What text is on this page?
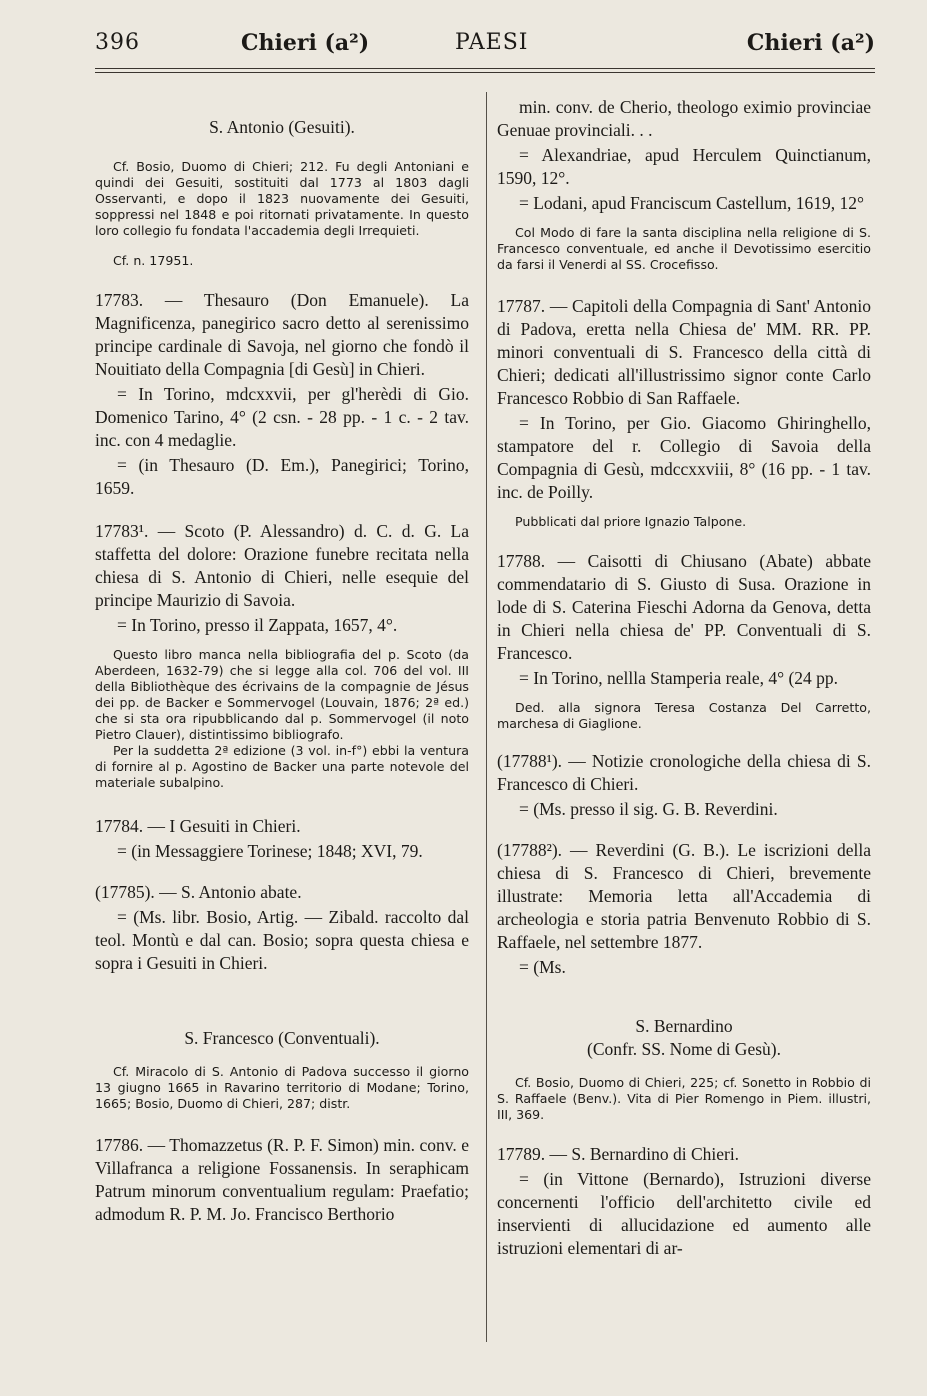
396	Chieri (a²)	PAESI	Chieri (a²)

S. Antonio (Gesuiti).

Cf. Bosio, Duomo di Chieri; 212. Fu degli Antoniani e quindi dei Gesuiti, sostituiti dal 1773 al 1803 dagli Osservanti, e dopo il 1823 nuovamente dei Gesuiti, soppressi nel 1848 e poi ritornati privatamente. In questo loro collegio fu fondata l'accademia degli Irrequieti.

Cf. n. 17951.

17783. — Thesauro (Don Emanuele). La Magnificenza, panegirico sacro detto al serenissimo principe cardinale di Savoja, nel giorno che fondò il Nouitiato della Compagnia [di Gesù] in Chieri.

= In Torino, mdcxxvii, per gl'herèdi di Gio. Domenico Tarino, 4° (2 csn. - 28 pp. - 1 c. - 2 tav. inc. con 4 medaglie.

= (in Thesauro (D. Em.), Panegirici; Torino, 1659.

17783¹. — Scoto (P. Alessandro) d. C. d. G. La staffetta del dolore: Orazione funebre recitata nella chiesa di S. Antonio di Chieri, nelle esequie del principe Maurizio di Savoia.

= In Torino, presso il Zappata, 1657, 4°.

Questo libro manca nella bibliografia del p. Scoto (da Aberdeen, 1632-79) che si legge alla col. 706 del vol. III della Bibliothèque des écrivains de la compagnie de Jésus dei pp. de Backer e Sommervogel (Louvain, 1876; 2ª ed.) che si sta ora ripubblicando dal p. Sommervogel (il noto Pietro Clauer), distintissimo bibliografo.

Per la suddetta 2ª edizione (3 vol. in-f°) ebbi la ventura di fornire al p. Agostino de Backer una parte notevole del materiale subalpino.

17784. — I Gesuiti in Chieri.

= (in Messaggiere Torinese; 1848; XVI, 79.

(17785). — S. Antonio abate.

= (Ms. libr. Bosio, Artig. — Zibald. raccolto dal teol. Montù e dal can. Bosio; sopra questa chiesa e sopra i Gesuiti in Chieri.

S. Francesco (Conventuali).

Cf. Miracolo di S. Antonio di Padova successo il giorno 13 giugno 1665 in Ravarino territorio di Modane; Torino, 1665; Bosio, Duomo di Chieri, 287; distr.

17786. — Thomazzetus (R. P. F. Simon) min. conv. e Villafranca a religione Fossanensis. In seraphicam Patrum minorum conventualium regulam: Praefatio; admodum R. P. M. Jo. Francisco Berthorio

min. conv. de Cherio, theologo eximio provinciae Genuae provinciali. . .

= Alexandriae, apud Herculem Quinctianum, 1590, 12°.

= Lodani, apud Franciscum Castellum, 1619, 12°

Col Modo di fare la santa disciplina nella religione di S. Francesco conventuale, ed anche il Devotissimo esercitio da farsi il Venerdi al SS. Crocefisso.

17787. — Capitoli della Compagnia di Sant' Antonio di Padova, eretta nella Chiesa de' MM. RR. PP. minori conventuali di S. Francesco della città di Chieri; dedicati all'illustrissimo signor conte Carlo Francesco Robbio di San Raffaele.

= In Torino, per Gio. Giacomo Ghiringhello, stampatore del r. Collegio di Savoia della Compagnia di Gesù, mdccxxviii, 8° (16 pp. - 1 tav. inc. de Poilly.

Pubblicati dal priore Ignazio Talpone.

17788. — Caisotti di Chiusano (Abate) abbate commendatario di S. Giusto di Susa. Orazione in lode di S. Caterina Fieschi Adorna da Genova, detta in Chieri nella chiesa de' PP. Conventuali di S. Francesco.

= In Torino, nellla Stamperia reale, 4° (24 pp.

Ded. alla signora Teresa Costanza Del Carretto, marchesa di Giaglione.

(17788¹). — Notizie cronologiche della chiesa di S. Francesco di Chieri.

= (Ms. presso il sig. G. B. Reverdini.

(17788²). — Reverdini (G. B.). Le iscrizioni della chiesa di S. Francesco di Chieri, brevemente illustrate: Memoria letta all'Accademia di archeologia e storia patria Benvenuto Robbio di S. Raffaele, nel settembre 1877.

= (Ms.

S. Bernardino

(Confr. SS. Nome di Gesù).

Cf. Bosio, Duomo di Chieri, 225; cf. Sonetto in Robbio di S. Raffaele (Benv.). Vita di Pier Romengo in Piem. illustri, III, 369.

17789. — S. Bernardino di Chieri.

= (in Vittone (Bernardo), Istruzioni diverse concernenti l'officio dell'architetto civile ed inservienti di allucidazione ed aumento alle istruzioni elementari di ar-
